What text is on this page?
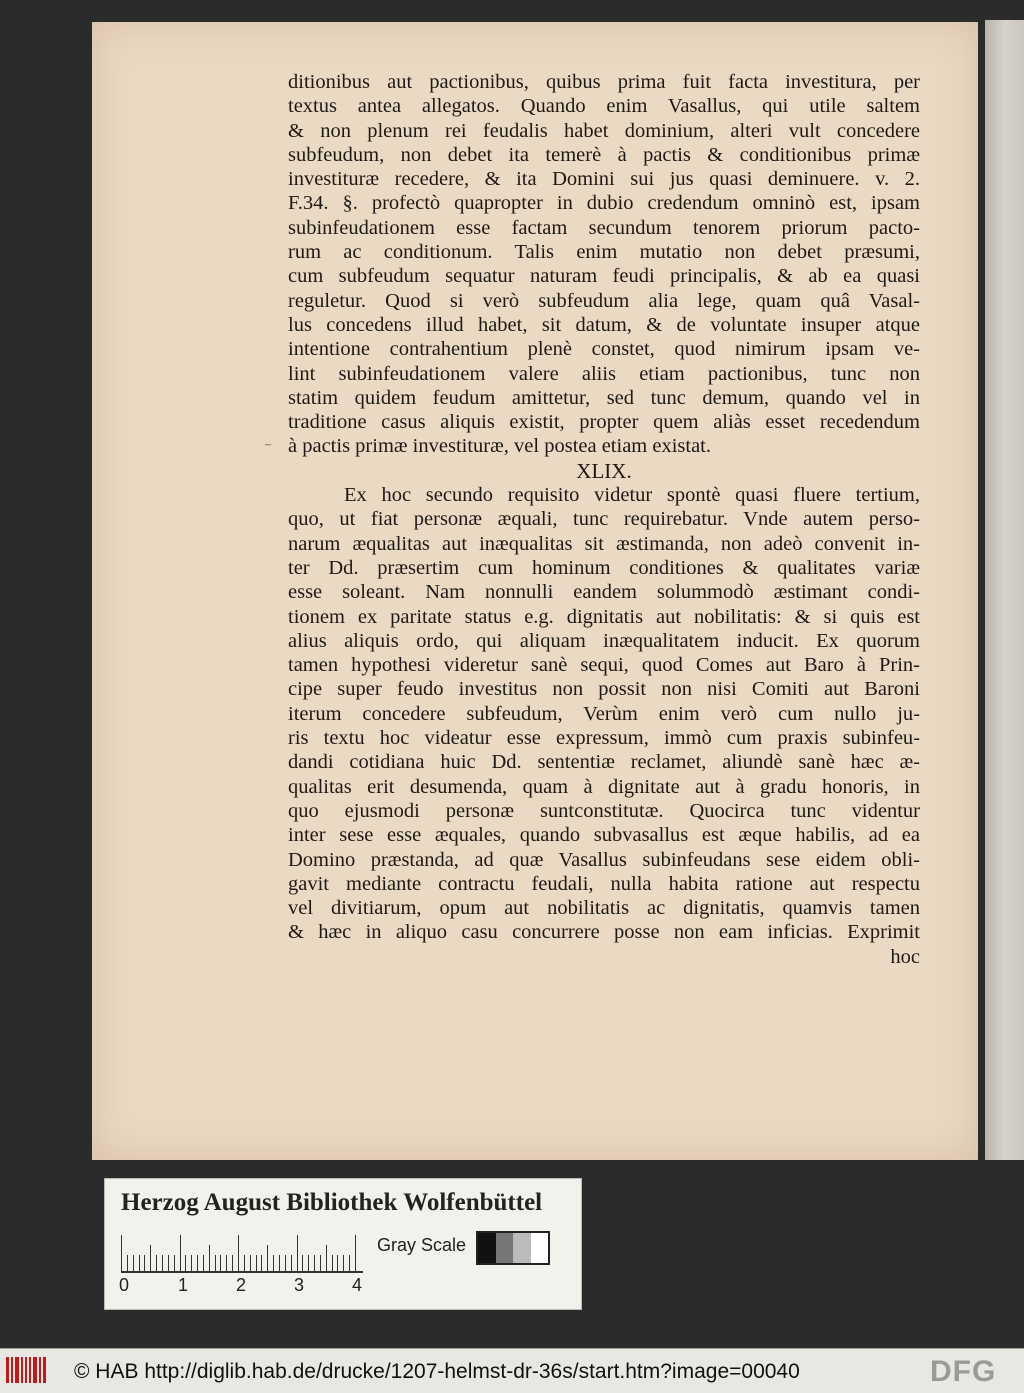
~
ditionibus aut pactionibus, quibus prima fuit facta investitura, per
textus antea allegatos. Quando enim Vasallus, qui utile saltem
& non plenum rei feudalis habet dominium, alteri vult concedere
subfeudum, non debet ita temerè à pactis & conditionibus primæ
investituræ recedere, & ita Domini sui jus quasi deminuere. v. 2.
F.34. §. profectò quapropter in dubio credendum omninò est, ipsam
subinfeudationem esse factam secundum tenorem priorum pacto-
rum ac conditionum. Talis enim mutatio non debet præsumi,
cum subfeudum sequatur naturam feudi principalis, & ab ea quasi
reguletur. Quod si verò subfeudum alia lege, quam quâ Vasal-
lus concedens illud habet, sit datum, & de voluntate insuper atque
intentione contrahentium plenè constet, quod nimirum ipsam ve-
lint subinfeudationem valere aliis etiam pactionibus, tunc non
statim quidem feudum amittetur, sed tunc demum, quando vel in
traditione casus aliquis existit, propter quem aliàs esset recedendum
à pactis primæ investituræ, vel postea etiam existat.
XLIX.
Ex hoc secundo requisito videtur spontè quasi fluere tertium,
quo, ut fiat personæ æquali, tunc requirebatur. Vnde autem perso-
narum æqualitas aut inæqualitas sit æstimanda, non adeò convenit in-
ter Dd. præsertim cum hominum conditiones & qualitates variæ
esse soleant. Nam nonnulli eandem solummodò æstimant condi-
tionem ex paritate status e.g. dignitatis aut nobilitatis: & si quis est
alius aliquis ordo, qui aliquam inæqualitatem inducit. Ex quorum
tamen hypothesi videretur sanè sequi, quod Comes aut Baro à Prin-
cipe super feudo investitus non possit non nisi Comiti aut Baroni
iterum concedere subfeudum, Verùm enim verò cum nullo ju-
ris textu hoc videatur esse expressum, immò cum praxis subinfeu-
dandi cotidiana huic Dd. sententiæ reclamet, aliundè sanè hæc æ-
qualitas erit desumenda, quam à dignitate aut à gradu honoris, in
quo ejusmodi personæ suntconstitutæ. Quocirca tunc videntur
inter sese esse æquales, quando subvasallus est æque habilis, ad ea
Domino præstanda, ad quæ Vasallus subinfeudans sese eidem obli-
gavit mediante contractu feudali, nulla habita ratione aut respectu
vel divitiarum, opum aut nobilitatis ac dignitatis, quamvis tamen
& hæc in aliquo casu concurrere posse non eam inficias. Exprimit
hoc
Herzog August Bibliothek Wolfenbüttel
0	1	2	3	4
Gray Scale
© HAB http://diglib.hab.de/drucke/1207-helmst-dr-36s/start.htm?image=00040	DFG
